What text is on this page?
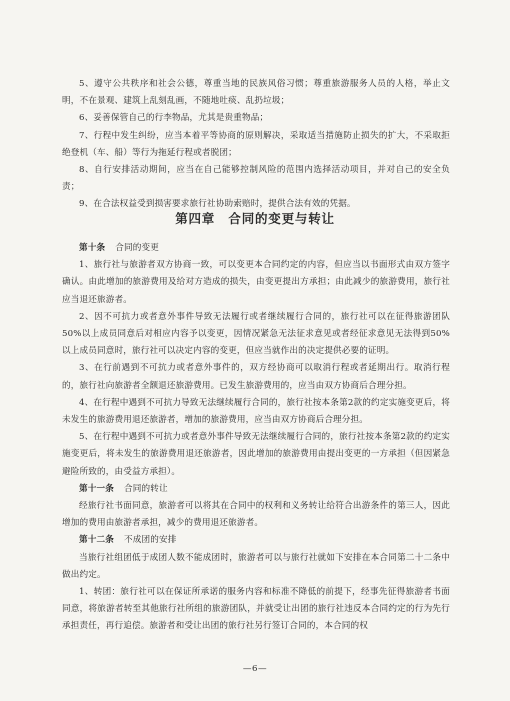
5、遵守公共秩序和社会公德，尊重当地的民族风俗习惯；尊重旅游服务人员的人格，举止文明，不在景观、建筑上乱刻乱画，不随地吐痰、乱扔垃圾；

6、妥善保管自己的行李物品，尤其是贵重物品；

7、行程中发生纠纷，应当本着平等协商的原则解决，采取适当措施防止损失的扩大，不采取拒绝登机（车、船）等行为拖延行程或者脱团；

8、自行安排活动期间，应当在自己能够控制风险的范围内选择活动项目，并对自己的安全负责；

9、在合法权益受到损害要求旅行社协助索赔时，提供合法有效的凭据。

第四章　合同的变更与转让

第十条 合同的变更

1、旅行社与旅游者双方协商一致，可以变更本合同约定的内容，但应当以书面形式由双方签字确认。由此增加的旅游费用及给对方造成的损失，由变更提出方承担；由此减少的旅游费用，旅行社应当退还旅游者。

2、因不可抗力或者意外事件导致无法履行或者继续履行合同的，旅行社可以在征得旅游团队50%以上成员同意后对相应内容予以变更，因情况紧急无法征求意见或者经征求意见无法得到50%以上成员同意时，旅行社可以决定内容的变更，但应当就作出的决定提供必要的证明。

3、在行前遇到不可抗力或者意外事件的，双方经协商可以取消行程或者延期出行。取消行程的，旅行社向旅游者全额退还旅游费用。已发生旅游费用的，应当由双方协商后合理分担。

4、在行程中遇到不可抗力导致无法继续履行合同的，旅行社按本条第2款的约定实施变更后，将未发生的旅游费用退还旅游者，增加的旅游费用，应当由双方协商后合理分担。

5、在行程中遇到不可抗力或者意外事件导致无法继续履行合同的，旅行社按本条第2款的约定实施变更后，将未发生的旅游费用退还旅游者，因此增加的旅游费用由提出变更的一方承担（但因紧急避险所致的，由受益方承担）。

第十一条 合同的转让

经旅行社书面同意，旅游者可以将其在合同中的权利和义务转让给符合出游条件的第三人，因此增加的费用由旅游者承担，减少的费用退还旅游者。

第十二条 不成团的安排

当旅行社组团低于成团人数不能成团时，旅游者可以与旅行社就如下安排在本合同第二十二条中做出约定。

1、转团：旅行社可以在保证所承诺的服务内容和标准不降低的前提下，经事先征得旅游者书面同意，将旅游者转至其他旅行社所组的旅游团队，并就受让出团的旅行社违反本合同约定的行为先行承担责任，再行追偿。旅游者和受让出团的旅行社另行签订合同的，本合同的权

—6—
